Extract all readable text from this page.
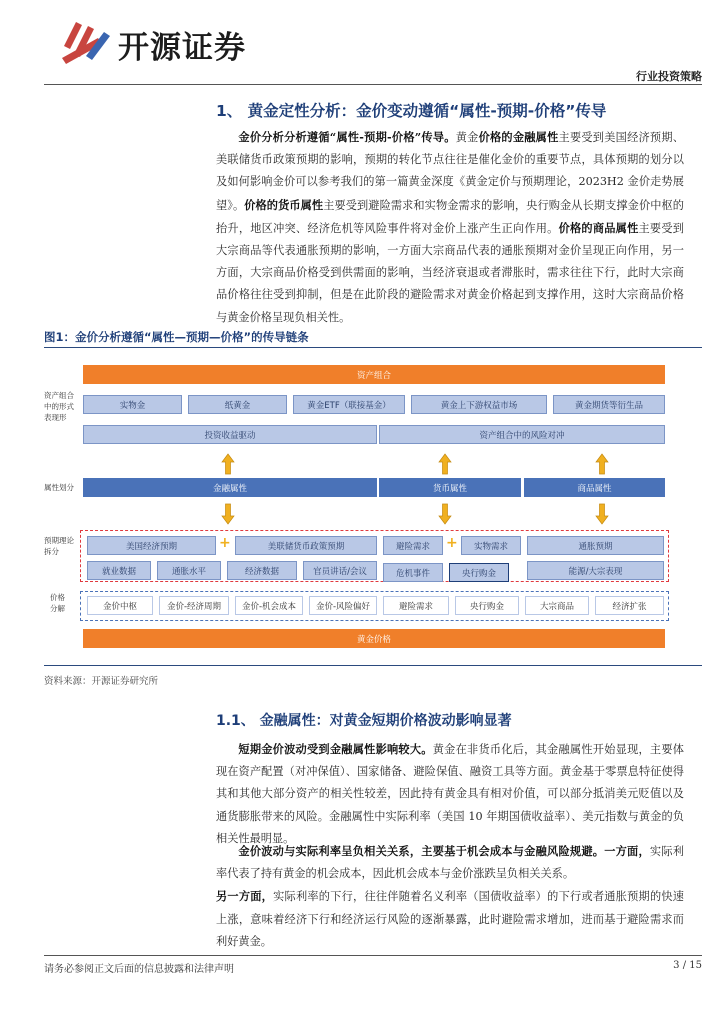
开源证券
行业投资策略
1、 黄金定性分析：金价变动遵循“属性-预期-价格”传导
金价分析分析遵循“属性-预期-价格”传导。黄金价格的金融属性主要受到美国经济预期、美联储货币政策预期的影响，预期的转化节点往往是催化金价的重要节点，具体预期的划分以及如何影响金价可以参考我们的第一篇黄金深度《黄金定价与预期理论，2023H2 金价走势展望》。价格的货币属性主要受到避险需求和实物金需求的影响，央行购金从长期支撑金价中枢的抬升，地区冲突、经济危机等风险事件将对金价上涨产生正向作用。价格的商品属性主要受到大宗商品等代表通胀预期的影响，一方面大宗商品代表的通胀预期对金价呈现正向作用，另一方面，大宗商品价格受到供需面的影响，当经济衰退或者滞胀时，需求往往下行，此时大宗商品价格往往受到抑制，但是在此阶段的避险需求对黄金价格起到支撑作用，这时大宗商品价格与黄金价格呈现负相关性。
图1：金价分析遵循“属性—预期—价格”的传导链条
资产组合
资产组合
中的形式
表现形
实物金	纸黄金	黄金ETF（联接基金）	黄金上下游权益市场	黄金期货等衍生品
投资收益驱动	资产组合中的风险对冲
属性划分	金融属性	货币属性	商品属性
预期理论
拆分	美国经济预期	+	美联储货币政策预期	避险需求	+	实物需求	通胀预期
就业数据	通胀水平	经济数据	官员讲话/会议	危机事件	央行购金	能源/大宗表现
价格
分解	金价中枢	金价-经济周期	金价-机会成本	金价-风险偏好	避险需求	央行购金	大宗商品	经济扩张
黄金价格
资料来源：开源证券研究所
1.1、 金融属性：对黄金短期价格波动影响显著
短期金价波动受到金融属性影响较大。黄金在非货币化后，其金融属性开始显现，主要体现在资产配置（对冲保值）、国家储备、避险保值、融资工具等方面。黄金基于零票息特征使得其和其他大部分资产的相关性较差，因此持有黄金具有相对价值，可以部分抵消美元贬值以及通货膨胀带来的风险。金融属性中实际利率（美国 10 年期国债收益率）、美元指数与黄金的负相关性最明显。
金价波动与实际利率呈负相关关系，主要基于机会成本与金融风险规避。一方面，实际利率代表了持有黄金的机会成本，因此机会成本与金价涨跌呈负相关关系。
另一方面，实际利率的下行，往往伴随着名义利率（国债收益率）的下行或者通胀预期的快速上涨，意味着经济下行和经济运行风险的逐渐暴露，此时避险需求增加，进而基于避险需求而利好黄金。
请务必参阅正文后面的信息披露和法律声明	3 / 15
